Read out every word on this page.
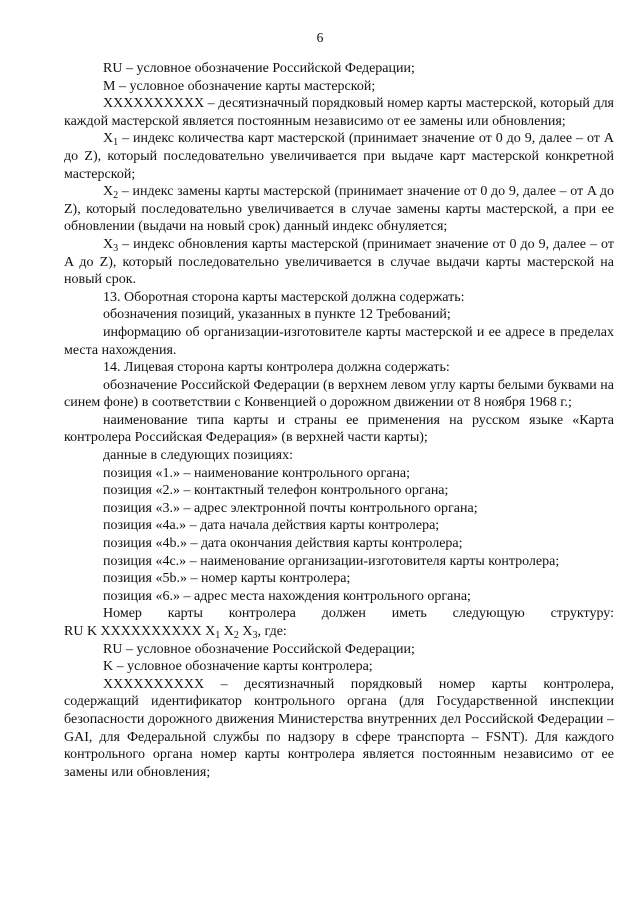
6

RU – условное обозначение Российской Федерации;

M – условное обозначение карты мастерской;

XXXXXXXXXX – десятизначный порядковый номер карты мастерской, который для каждой мастерской является постоянным независимо от ее замены или обновления;

$X_1$ – индекс количества карт мастерской (принимает значение от 0 до 9, далее – от A до Z), который последовательно увеличивается при выдаче карт мастерской конкретной мастерской;

$X_2$ – индекс замены карты мастерской (принимает значение от 0 до 9, далее – от A до Z), который последовательно увеличивается в случае замены карты мастерской, а при ее обновлении (выдачи на новый срок) данный индекс обнуляется;

$X_3$ – индекс обновления карты мастерской (принимает значение от 0 до 9, далее – от A до Z), который последовательно увеличивается в случае выдачи карты мастерской на новый срок.

13. Оборотная сторона карты мастерской должна содержать:

обозначения позиций, указанных в пункте 12 Требований;

информацию об организации-изготовителе карты мастерской и ее адресе в пределах места нахождения.

14. Лицевая сторона карты контролера должна содержать:

обозначение Российской Федерации (в верхнем левом углу карты белыми буквами на синем фоне) в соответствии с Конвенцией о дорожном движении от 8 ноября 1968 г.;

наименование типа карты и страны ее применения на русском языке «Карта контролера Российская Федерация» (в верхней части карты);

данные в следующих позициях:

позиция «1.» – наименование контрольного органа;

позиция «2.» – контактный телефон контрольного органа;

позиция «3.» – адрес электронной почты контрольного органа;

позиция «4a.» – дата начала действия карты контролера;

позиция «4b.» – дата окончания действия карты контролера;

позиция «4c.» – наименование организации-изготовителя карты контролера;

позиция «5b.» – номер карты контролера;

позиция «6.» – адрес места нахождения контрольного органа;

Номер карты контролера должен иметь следующую структуру:

RU K XXXXXXXXXX $X_1$ $X_2$ $X_3$, где:

RU – условное обозначение Российской Федерации;

K – условное обозначение карты контролера;

XXXXXXXXXX – десятизначный порядковый номер карты контролера, содержащий идентификатор контрольного органа (для Государственной инспекции безопасности дорожного движения Министерства внутренних дел Российской Федерации – GAI, для Федеральной службы по надзору в сфере транспорта – FSNT). Для каждого контрольного органа номер карты контролера является постоянным независимо от ее замены или обновления;
